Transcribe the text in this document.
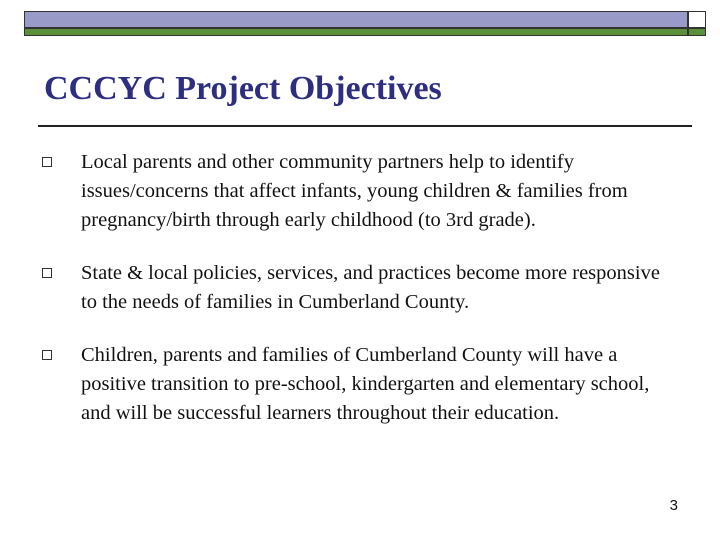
CCCYC Project Objectives
Local parents and other community partners help to identify issues/concerns that affect infants, young children & families from pregnancy/birth through early childhood (to 3rd grade).
State & local policies, services, and practices become more responsive to the needs of families in Cumberland County.
Children, parents and families of Cumberland County will have a positive transition to pre-school, kindergarten and elementary school, and will be successful learners throughout their education.
3
